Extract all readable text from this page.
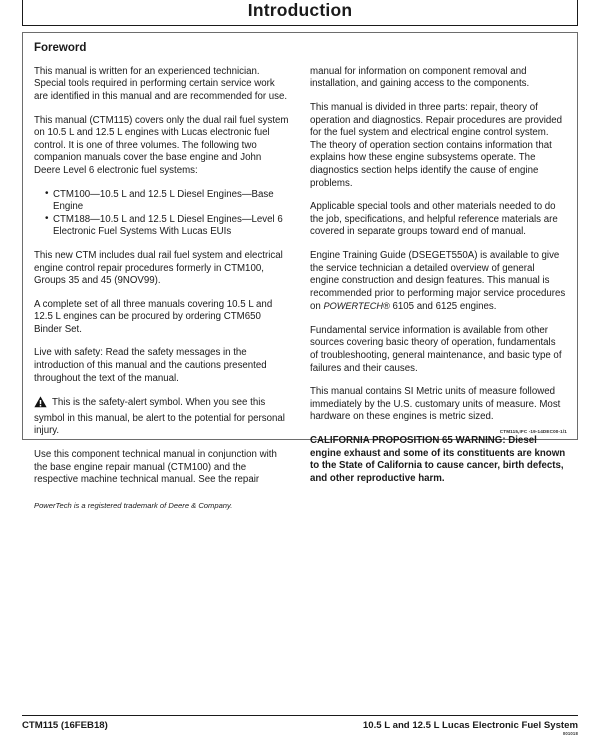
Introduction
Foreword

This manual is written for an experienced technician. Special tools required in performing certain service work are identified in this manual and are recommended for use.

This manual (CTM115) covers only the dual rail fuel system on 10.5 L and 12.5 L engines with Lucas electronic fuel control. It is one of three volumes. The following two companion manuals cover the base engine and John Deere Level 6 electronic fuel systems:

• CTM100—10.5 L and 12.5 L Diesel Engines—Base Engine
• CTM188—10.5 L and 12.5 L Diesel Engines—Level 6 Electronic Fuel Systems With Lucas EUIs

This new CTM includes dual rail fuel system and electrical engine control repair procedures formerly in CTM100, Groups 35 and 45 (9NOV99).

A complete set of all three manuals covering 10.5 L and 12.5 L engines can be procured by ordering CTM650 Binder Set.

Live with safety: Read the safety messages in the introduction of this manual and the cautions presented throughout the text of the manual.

This is the safety-alert symbol. When you see this symbol in this manual, be alert to the potential for personal injury.

Use this component technical manual in conjunction with the base engine repair manual (CTM100) and the respective machine technical manual. See the repair

PowerTech is a registered trademark of Deere & Company.

manual for information on component removal and installation, and gaining access to the components.

This manual is divided in three parts: repair, theory of operation and diagnostics. Repair procedures are provided for the fuel system and electrical engine control system. The theory of operation section contains information that explains how these engine subsystems operate. The diagnostics section helps identify the cause of engine problems.

Applicable special tools and other materials needed to do the job, specifications, and helpful reference materials are covered in separate groups toward end of manual.

Engine Training Guide (DSEGET550A) is available to give the service technician a detailed overview of general engine construction and design features. This manual is recommended prior to performing major service procedures on POWERTECH® 6105 and 6125 engines.

Fundamental service information is available from other sources covering basic theory of operation, fundamentals of troubleshooting, general maintenance, and basic type of failures and their causes.

This manual contains SI Metric units of measure followed immediately by the U.S. customary units of measure. Most hardware on these engines is metric sized.

CALIFORNIA PROPOSITION 65 WARNING: Diesel engine exhaust and some of its constituents are known to the State of California to cause cancer, birth defects, and other reproductive harm.

CTM115,IFC -19-14DEC00-1/1
CTM115 (16FEB18)	10.5 L and 12.5 L Lucas Electronic Fuel System
001018
